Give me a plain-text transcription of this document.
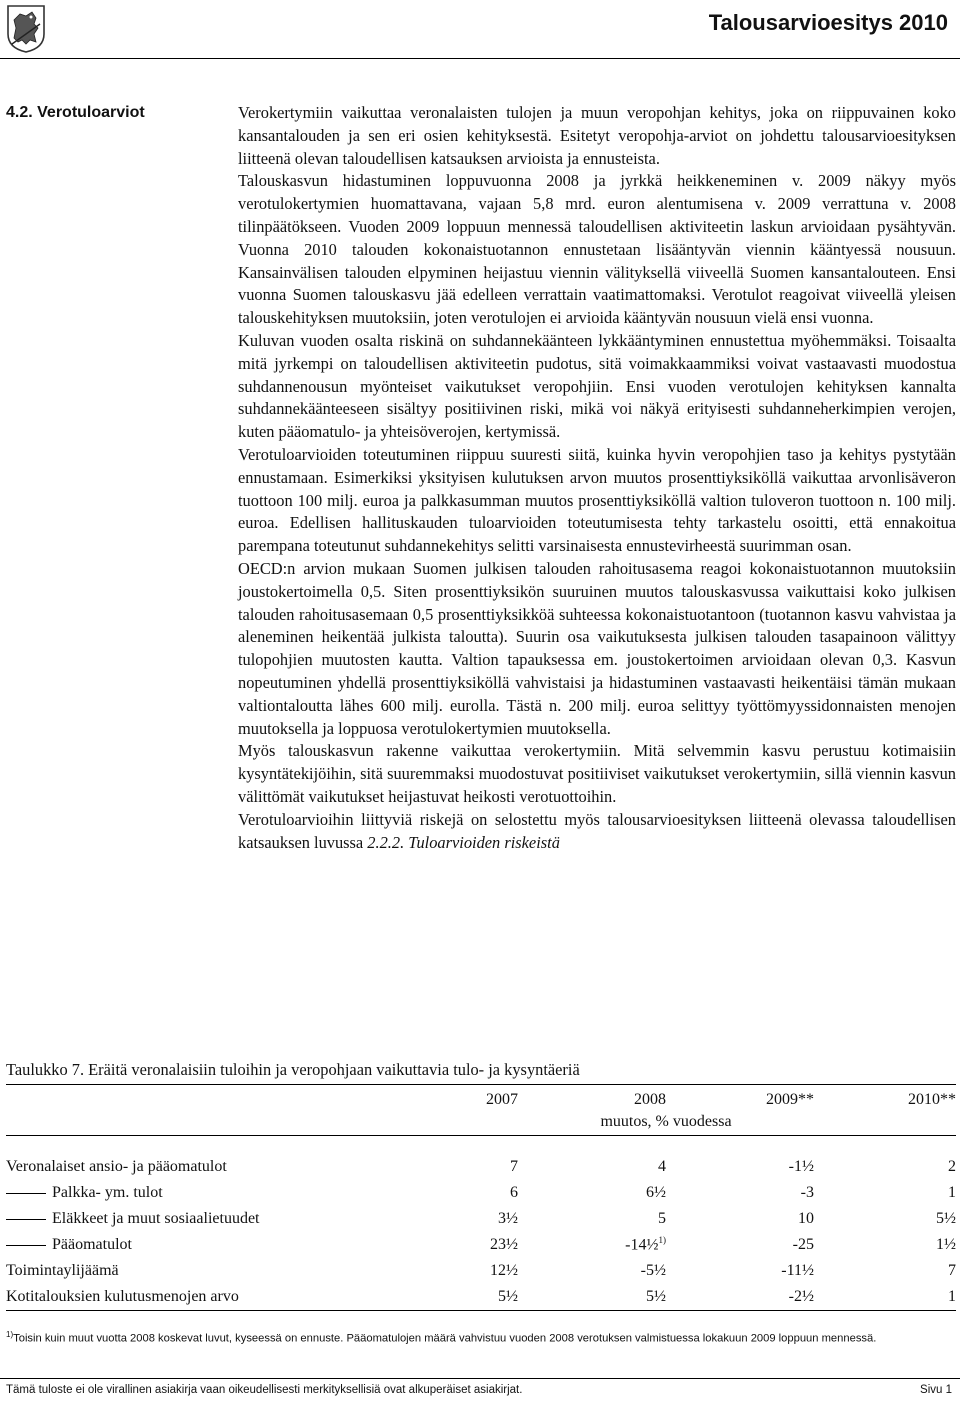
Talousarvioesitys 2010
4.2. Verotuloarviot	Verokertymiin vaikuttaa veronalaisten tulojen ja muun veropohjan kehitys, joka on riippuvainen koko kansantalouden ja sen eri osien kehityksestä. Esitetyt veropohja-arviot on johdettu talousarvioesityksen liitteenä olevan taloudellisen katsauksen arvioista ja ennusteista.

Talouskasvun hidastuminen loppuvuonna 2008 ja jyrkkä heikkeneminen v. 2009 näkyy myös verotulokertymien huomattavana, vajaan 5,8 mrd. euron alentumisena v. 2009 verrattuna v. 2008 tilinpäätökseen. Vuoden 2009 loppuun mennessä taloudellisen aktiviteetin laskun arvioidaan pysähtyvän. Vuonna 2010 talouden kokonaistuotannon ennustetaan lisääntyvän viennin kääntyessä nousuun. Kansainvälisen talouden elpyminen heijastuu viennin välityksellä viiveellä Suomen kansantalouteen. Ensi vuonna Suomen talouskasvu jää edelleen verrattain vaatimattomaksi. Verotulot reagoivat viiveellä yleisen talouskehityksen muutoksiin, joten verotulojen ei arvioida kääntyvän nousuun vielä ensi vuonna.

Kuluvan vuoden osalta riskinä on suhdannekäänteen lykkääntyminen ennustettua myöhemmäksi. Toisaalta mitä jyrkempi on taloudellisen aktiviteetin pudotus, sitä voimakkaammiksi voivat vastaavasti muodostua suhdannenousun myönteiset vaikutukset veropohjiin. Ensi vuoden verotulojen kehityksen kannalta suhdannekäänteeseen sisältyy positiivinen riski, mikä voi näkyä erityisesti suhdanneherkimpien verojen, kuten pääomatulo- ja yhteisöverojen, kertymissä.

Verotuloarvioiden toteutuminen riippuu suuresti siitä, kuinka hyvin veropohjien taso ja kehitys pystytään ennustamaan. Esimerkiksi yksityisen kulutuksen arvon muutos prosenttiyksiköllä vaikuttaa arvonlisäveron tuottoon 100 milj. euroa ja palkkasumman muutos prosenttiyksiköllä valtion tuloveron tuottoon n. 100 milj. euroa. Edellisen hallituskauden tuloarvioiden toteutumisesta tehty tarkastelu osoitti, että ennakoitua parempana toteutunut suhdannekehitys selitti varsinaisesta ennustevirheestä suurimman osan.

OECD:n arvion mukaan Suomen julkisen talouden rahoitusasema reagoi kokonaistuotannon muutoksiin joustokertoimella 0,5. Siten prosenttiyksikön suuruinen muutos talouskasvussa vaikuttaisi koko julkisen talouden rahoitusasemaan 0,5 prosenttiyksikköä suhteessa kokonaistuotantoon (tuotannon kasvu vahvistaa ja aleneminen heikentää julkista taloutta). Suurin osa vaikutuksesta julkisen talouden tasapainoon välittyy tulopohjien muutosten kautta. Valtion tapauksessa em. joustokertoimen arvioidaan olevan 0,3. Kasvun nopeutuminen yhdellä prosenttiyksiköllä vahvistaisi ja hidastuminen vastaavasti heikentäisi tämän mukaan valtiontaloutta lähes 600 milj. eurolla. Tästä n. 200 milj. euroa selittyy työttömyyssidonnaisten menojen muutoksella ja loppuosa verotulokertymien muutoksella.

Myös talouskasvun rakenne vaikuttaa verokertymiin. Mitä selvemmin kasvu perustuu kotimaisiin kysyntätekijöihin, sitä suuremmaksi muodostuvat positiiviset vaikutukset verokertymiin, sillä viennin kasvun välittömät vaikutukset heijastuvat heikosti verotuottoihin.

Verotuloarvioihin liittyviä riskejä on selostettu myös talousarvioesityksen liitteenä olevassa taloudellisen katsauksen luvussa 2.2.2. Tuloarvioiden riskeistä

Taulukko 7. Eräitä veronalaisiin tuloihin ja veropohjaan vaikuttavia tulo- ja kysyntäeriä

	2007	2008	2009**	2010**
		muutos, % vuodessa		

Veronalaiset ansio- ja pääomatulot	7	4	-1½	2
Palkka- ym. tulot	6	6½	-3	1
Eläkkeet ja muut sosiaalietuudet	3½	5	10	5½
Pääomatulot	23½	-14½$^{1)}$	-25	1½
Toimintaylijäämä	12½	-5½	-11½	7
Kotitalouksien kulutusmenojen arvo	5½	5½	-2½	1

$^{1)}$Toisin kuin muut vuotta 2008 koskevat luvut, kyseessä on ennuste. Pääomatulojen määrä vahvistuu vuoden 2008 verotuksen valmistuessa lokakuun 2009 loppuun mennessä.

Tämä tuloste ei ole virallinen asiakirja vaan oikeudellisesti merkityksellisiä ovat alkuperäiset asiakirjat.	Sivu 1
